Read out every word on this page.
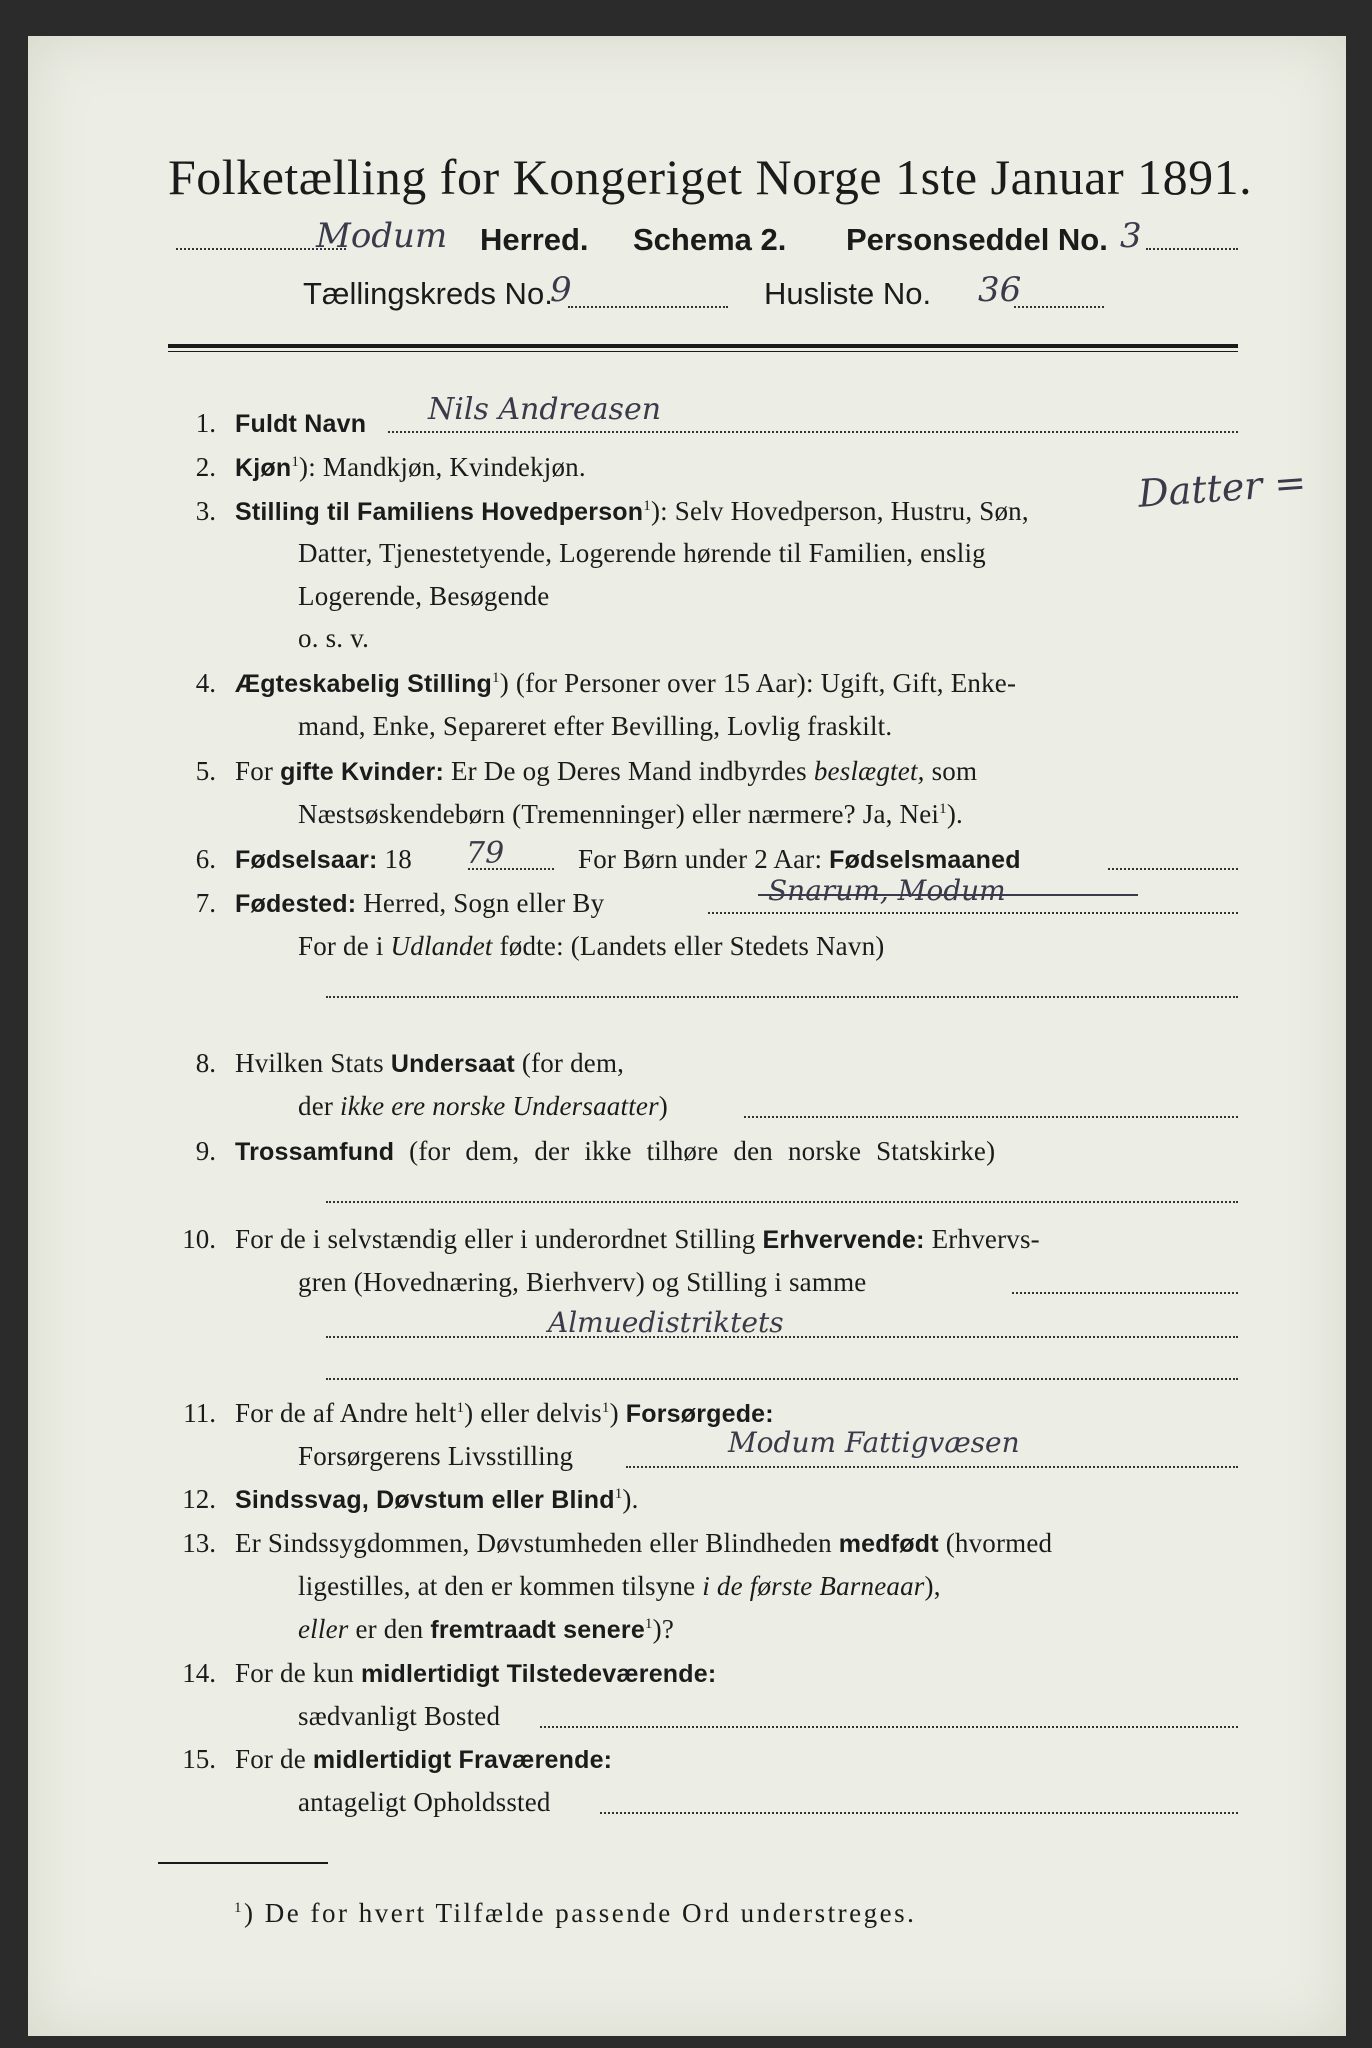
Folketælling for Kongeriget Norge 1ste Januar 1891.
Modum Herred. Schema 2. Personseddel No. 3
Tællingskreds No.
9	Husliste No. 36
1. Fuldt Navn Nils Andreasen
2. Kjøn$^1$): Mandkjøn, Kvindekjøn.	Datter =
3. Stilling til Familiens Hovedperson$^1$): Selv Hovedperson, Hustru, Søn,
Datter, Tjenestetyende, Logerende hørende til Familien, enslig
Logerende, Besøgende
o. s. v.
4. Ægteskabelig Stilling$^1$) (for Personer over 15 Aar): Ugift, Gift, Enke-
mand, Enke, Separeret efter Bevilling, Lovlig fraskilt.
5. For gifte Kvinder: Er De og Deres Mand indbyrdes beslægtet, som
Næstsøskendebørn (Tremenninger) eller nærmere? Ja, Nei$^1$).
6. Fødselsaar: 18 79	For Børn under 2 Aar: Fødselsmaaned
7. Fødested: Herred, Sogn eller By	Snarum, Modum
For de i Udlandet fødte: (Landets eller Stedets Navn)
8. Hvilken Stats Undersaat (for dem,
der ikke ere norske Undersaatter)
9. Trossamfund (for dem, der ikke tilhøre den norske Statskirke)
10. For de i selvstændig eller i underordnet Stilling Erhvervende: Erhvervs-
gren (Hovednæring, Bierhverv) og Stilling i samme
Almuedistriktets
11. For de af Andre helt$^1$) eller delvis$^1$) Forsørgede:
Forsørgerens Livsstilling	Modum Fattigvæsen
12. Sindssvag, Døvstum eller Blind$^1$).
13. Er Sindssygdommen, Døvstumheden eller Blindheden medfødt (hvormed
ligestilles, at den er kommen tilsyne i de første Barneaar),
eller er den fremtraadt senere$^1$)?
14. For de kun midlertidigt Tilstedeværende:
sædvanligt Bosted
15. For de midlertidigt Fraværende:
antageligt Opholdssted
$^1$) De for hvert Tilfælde passende Ord understreges.
